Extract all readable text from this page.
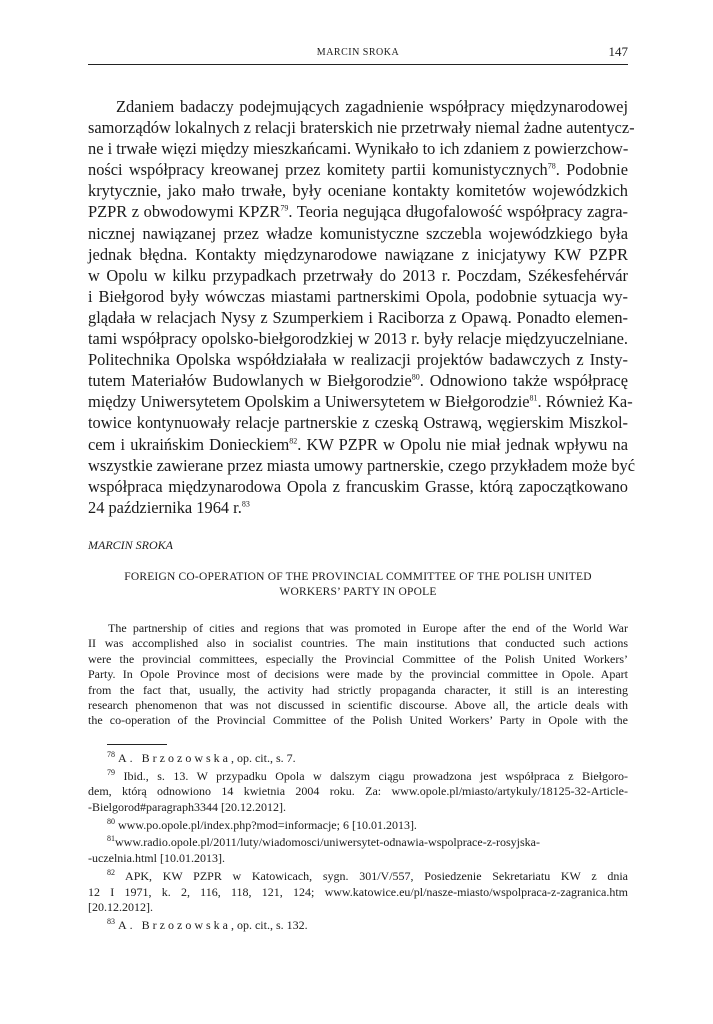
MARCIN SROKA	147
Zdaniem badaczy podejmujących zagadnienie współpracy międzynarodowej
samorządów lokalnych z relacji braterskich nie przetrwały niemal żadne autentycz-
ne i trwałe więzi między mieszkańcami. Wynikało to ich zdaniem z powierzchow-
ności współpracy kreowanej przez komitety partii komunistycznych$^{78}$. Podobnie
krytycznie, jako mało trwałe, były oceniane kontakty komitetów wojewódzkich
PZPR z obwodowymi KPZR$^{79}$. Teoria negująca długofalowość współpracy zagra-
nicznej nawiązanej przez władze komunistyczne szczebla wojewódzkiego była
jednak błędna. Kontakty międzynarodowe nawiązane z inicjatywy KW PZPR
w Opolu w kilku przypadkach przetrwały do 2013 r. Poczdam, Székesfehérvár
i Biełgorod były wówczas miastami partnerskimi Opola, podobnie sytuacja wy-
glądała w relacjach Nysy z Szumperkiem i Raciborza z Opawą. Ponadto elemen-
tami współpracy opolsko-biełgorodzkiej w 2013 r. były relacje międzyuczelniane.
Politechnika Opolska współdziałała w realizacji projektów badawczych z Insty-
tutem Materiałów Budowlanych w Biełgorodzie$^{80}$. Odnowiono także współpracę
między Uniwersytetem Opolskim a Uniwersytetem w Biełgorodzie$^{81}$. Również Ka-
towice kontynuowały relacje partnerskie z czeską Ostrawą, węgierskim Miszkol-
cem i ukraińskim Donieckiem$^{82}$. KW PZPR w Opolu nie miał jednak wpływu na
wszystkie zawierane przez miasta umowy partnerskie, czego przykładem może być
współpraca międzynarodowa Opola z francuskim Grasse, którą zapoczątkowano
24 października 1964 r.$^{83}$
MARCIN SROKA
FOREIGN CO-OPERATION OF THE PROVINCIAL COMMITTEE OF THE POLISH UNITED
WORKERS’ PARTY IN OPOLE
The partnership of cities and regions that was promoted in Europe after the end of the World War
II was accomplished also in socialist countries. The main institutions that conducted such actions
were the provincial committees, especially the Provincial Committee of the Polish United Workers’
Party. In Opole Province most of decisions were made by the provincial committee in Opole. Apart
from the fact that, usually, the activity had strictly propaganda character, it still is an interesting
research phenomenon that was not discussed in scientific discourse. Above all, the article deals with
the co-operation of the Provincial Committee of the Polish United Workers’ Party in Opole with the
$^{78}$ A. Brzozowska, op. cit., s. 7.
$^{79}$ Ibid., s. 13. W przypadku Opola w dalszym ciągu prowadzona jest współpraca z Biełgoro-
dem, którą odnowiono 14 kwietnia 2004 roku. Za: www.opole.pl/miasto/artykuly/18125-32-Article-
-Bielgorod#paragraph3344 [20.12.2012].
$^{80}$ www.po.opole.pl/index.php?mod=informacje; 6 [10.01.2013].
$^{81}$www.radio.opole.pl/2011/luty/wiadomosci/uniwersytet-odnawia-wspolprace-z-rosyjska-
-uczelnia.html [10.01.2013].
$^{82}$ APK, KW PZPR w Katowicach, sygn. 301/V/557, Posiedzenie Sekretariatu KW z dnia
12 I 1971, k. 2, 116, 118, 121, 124; www.katowice.eu/pl/nasze-miasto/wspolpraca-z-zagranica.htm
[20.12.2012].
$^{83}$ A. Brzozowska, op. cit., s. 132.
